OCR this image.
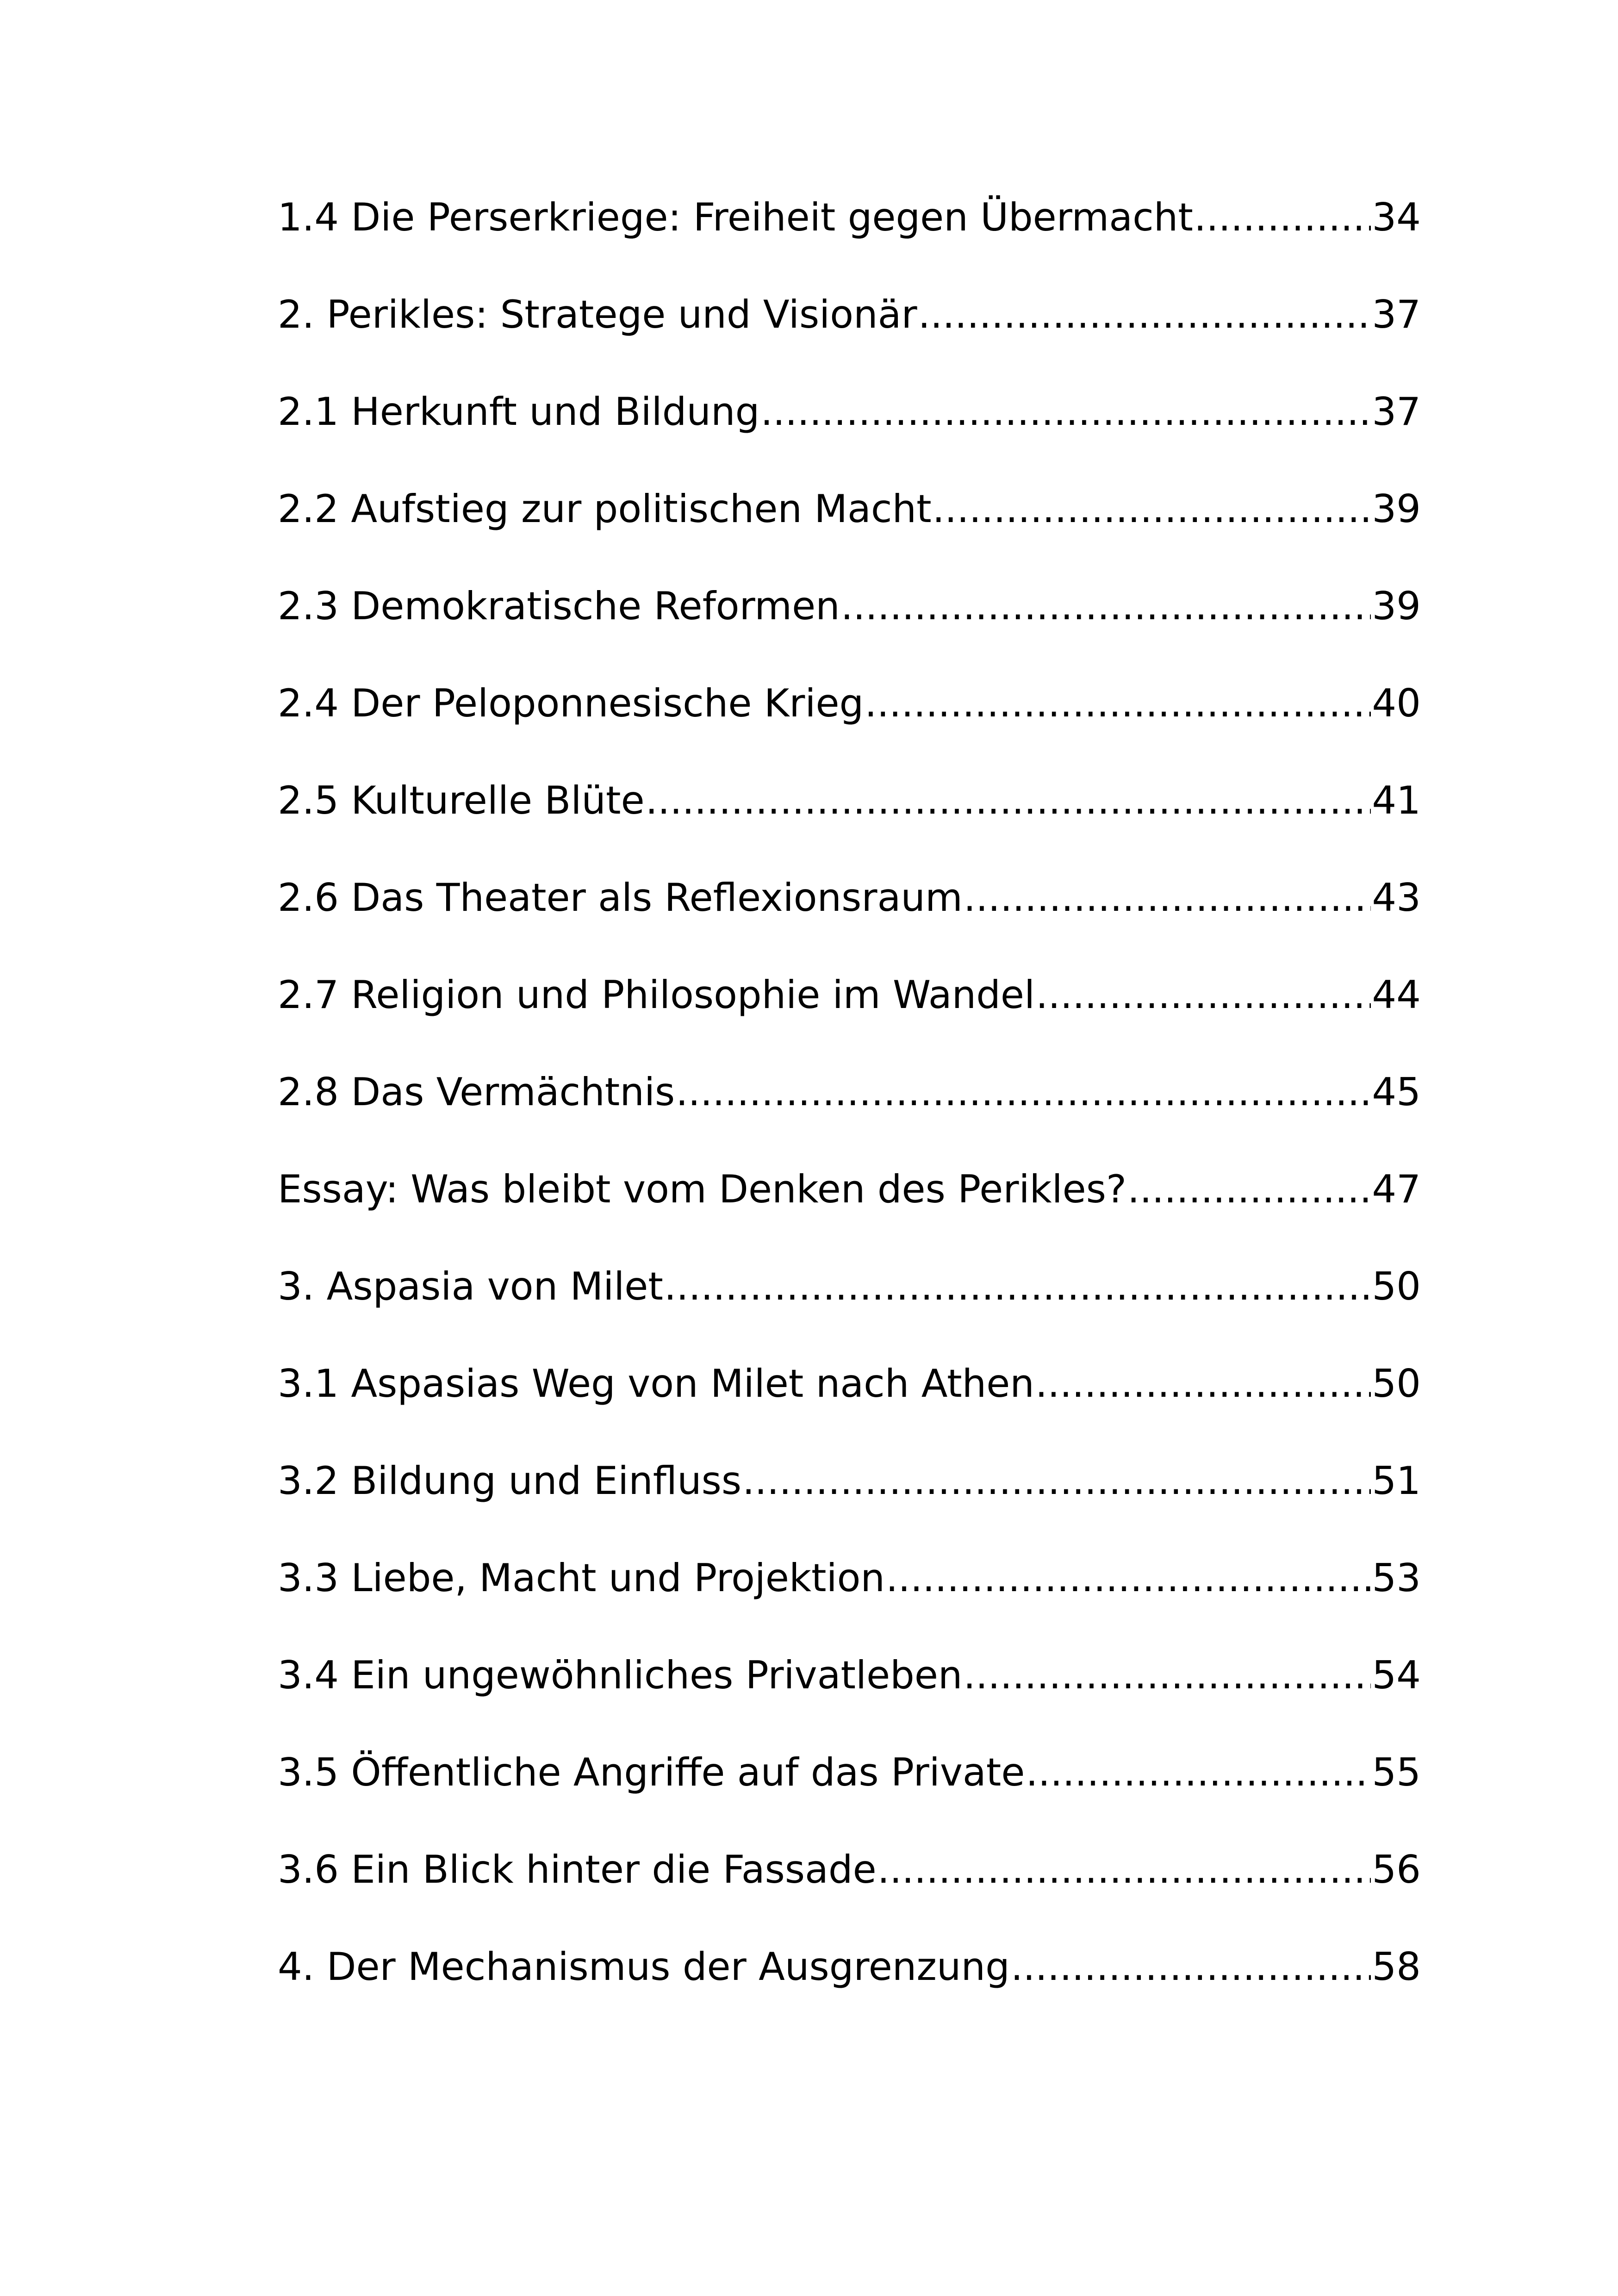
1.4 Die Perserkriege: Freiheit gegen Übermacht .....	34
2. Perikles: Stratege und Visionär .....	37
2.1 Herkunft und Bildung .....	37
2.2 Aufstieg zur politischen Macht .....	39
2.3 Demokratische Reformen .....	39
2.4 Der Peloponnesische Krieg .....	40
2.5 Kulturelle Blüte .....	41
2.6 Das Theater als Reflexionsraum .....	43
2.7 Religion und Philosophie im Wandel .....	44
2.8 Das Vermächtnis .....	45
Essay: Was bleibt vom Denken des Perikles? .....	47
3. Aspasia von Milet .....	50
3.1 Aspasias Weg von Milet nach Athen .....	50
3.2 Bildung und Einfluss .....	51
3.3 Liebe, Macht und Projektion .....	53
3.4 Ein ungewöhnliches Privatleben .....	54
3.5 Öffentliche Angriffe auf das Private .....	55
3.6 Ein Blick hinter die Fassade .....	56
4. Der Mechanismus der Ausgrenzung .....	58
